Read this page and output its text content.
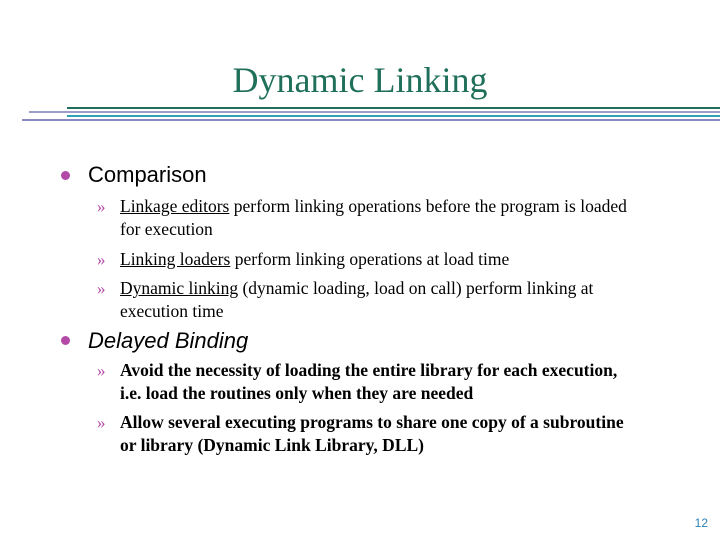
Dynamic Linking
Comparison
» Linkage editors perform linking operations before the program is loaded for execution
» Linking loaders perform linking operations at load time
» Dynamic linking (dynamic loading, load on call) perform linking at execution time
Delayed Binding
» Avoid the necessity of loading the entire library for each execution, i.e. load the routines only when they are needed
» Allow several executing programs to share one copy of a subroutine or library (Dynamic Link Library, DLL)
12
